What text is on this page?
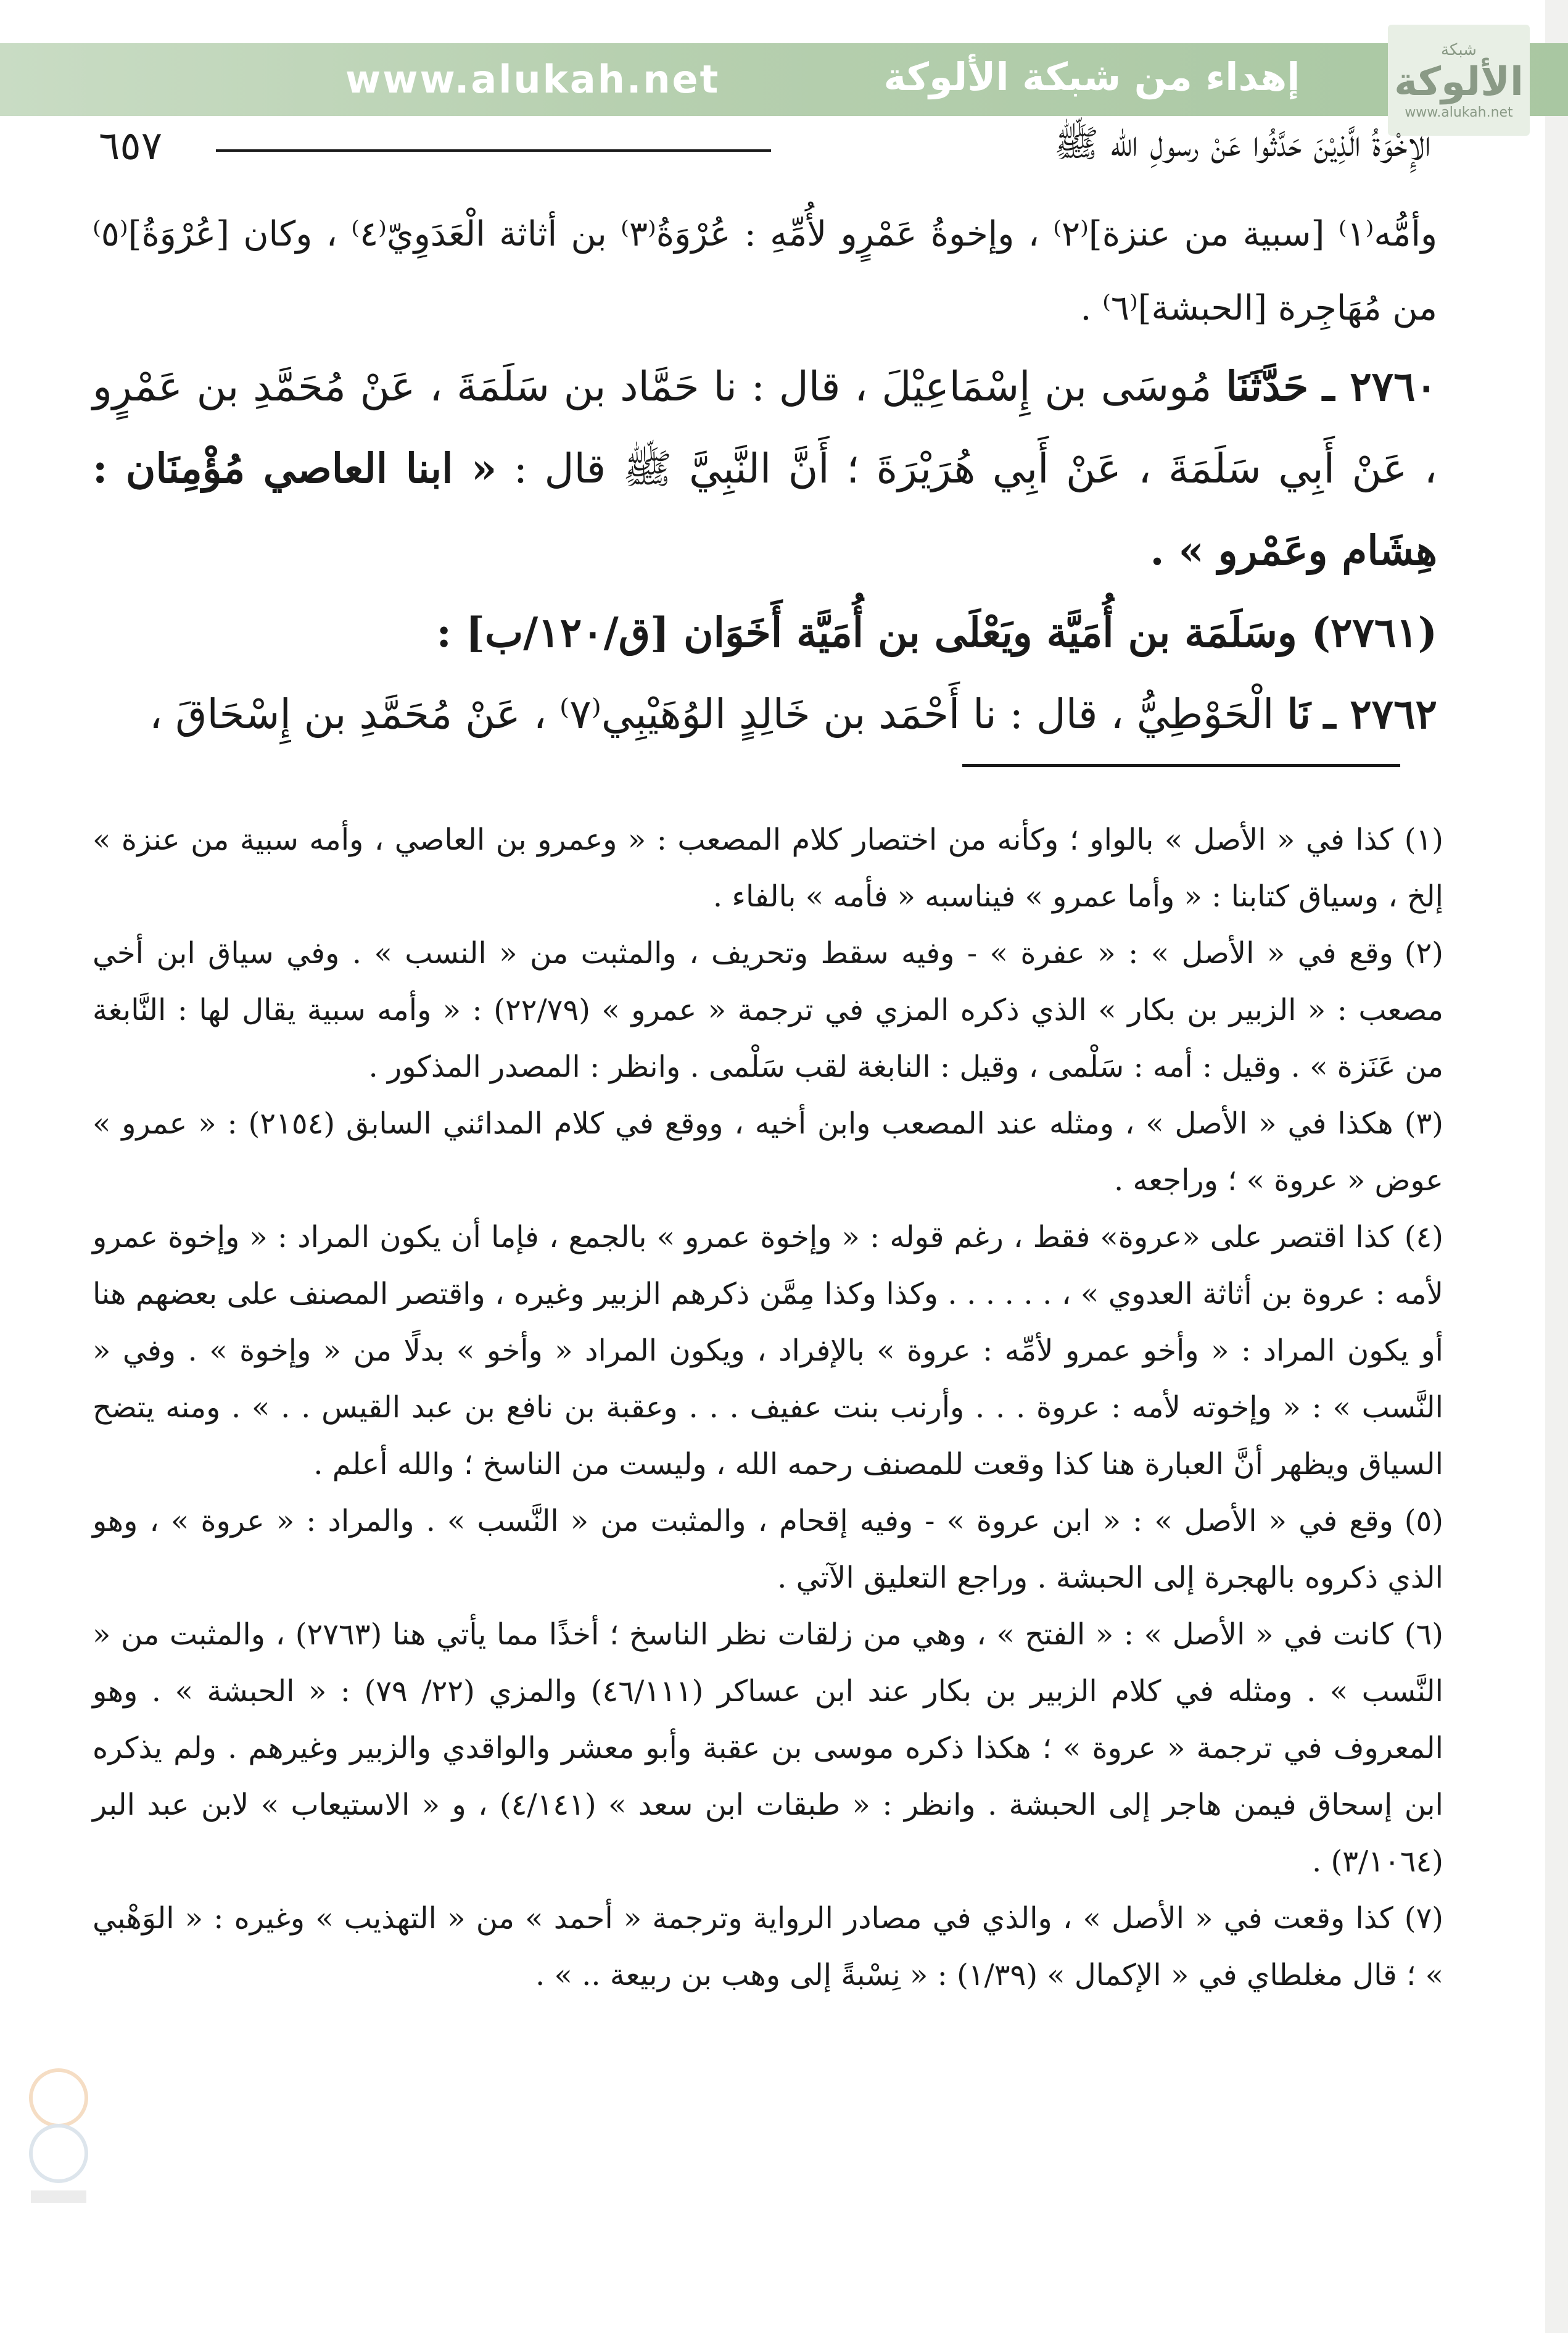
www.alukah.net	إهداء من شبكة الألوكة
شبكة
الألوكة
www.alukah.net
٦٥٧	الإِخْوَةُ الَّذِيْنَ حَدَّثُوا عَنْ رسولِ الله ﷺ

وأمُّه⁽١⁾ [سبية من عنزة]⁽٢⁾ ، وإخوةُ عَمْرٍو لأُمِّهِ : عُرْوَةُ⁽٣⁾ بن أثاثة الْعَدَوِيّ⁽٤⁾ ، وكان [عُرْوَةُ]⁽٥⁾ من مُهَاجِرة [الحبشة]⁽٦⁾ .

٢٧٦٠ ـ حَدَّثَنَا مُوسَى بن إِسْمَاعِيْلَ ، قال : نا حَمَّاد بن سَلَمَةَ ، عَنْ مُحَمَّدِ بن عَمْرٍو ، عَنْ أَبِي سَلَمَةَ ، عَنْ أَبِي هُرَيْرَةَ ؛ أَنَّ النَّبِيَّ ﷺ قال : « ابنا العاصي مُؤْمِنَان : هِشَام وعَمْرو » .

(٢٧٦١) وسَلَمَة بن أُمَيَّة ويَعْلَى بن أُمَيَّة أَخَوَان [ق/١٢٠/ب] :

٢٧٦٢ ـ نَا الْحَوْطِيُّ ، قال : نا أَحْمَد بن خَالِدٍ الوُهَيْبِي⁽٧⁾ ، عَنْ مُحَمَّدِ بن إِسْحَاقَ ،

(١)كذا في « الأصل » بالواو ؛ وكأنه من اختصار كلام المصعب : « وعمرو بن العاصي ، وأمه سبية من عنزة » إلخ ، وسياق كتابنا : « وأما عمرو » فيناسبه « فأمه » بالفاء .

(٢)وقع في « الأصل » : « عفرة » - وفيه سقط وتحريف ، والمثبت من « النسب » . وفي سياق ابن أخي مصعب : « الزبير بن بكار » الذي ذكره المزي في ترجمة « عمرو » (٢٢/٧٩) : « وأمه سبية يقال لها : النَّابغة من عَنَزة » . وقيل : أمه : سَلْمى ، وقيل : النابغة لقب سَلْمى . وانظر : المصدر المذكور .

(٣)هكذا في « الأصل » ، ومثله عند المصعب وابن أخيه ، ووقع في كلام المدائني السابق (٢١٥٤) : « عمرو » عوض « عروة » ؛ وراجعه .

(٤)كذا اقتصر على «عروة» فقط ، رغم قوله : « وإخوة عمرو » بالجمع ، فإما أن يكون المراد : « وإخوة عمرو لأمه : عروة بن أثاثة العدوي » ، . . . . . . وكذا وكذا مِمَّن ذكرهم الزبير وغيره ، واقتصر المصنف على بعضهم هنا أو يكون المراد : « وأخو عمرو لأمِّه : عروة » بالإفراد ، ويكون المراد « وأخو » بدلًا من « وإخوة » . وفي « النَّسب » : « وإخوته لأمه : عروة . . . وأرنب بنت عفيف . . . وعقبة بن نافع بن عبد القيس . . » . ومنه يتضح السياق ويظهر أنَّ العبارة هنا كذا وقعت للمصنف رحمه الله ، وليست من الناسخ ؛ والله أعلم .

(٥)وقع في « الأصل » : « ابن عروة » - وفيه إقحام ، والمثبت من « النَّسب » . والمراد : « عروة » ، وهو الذي ذكروه بالهجرة إلى الحبشة . وراجع التعليق الآتي .

(٦)كانت في « الأصل » : « الفتح » ، وهي من زلقات نظر الناسخ ؛ أخذًا مما يأتي هنا (٢٧٦٣) ، والمثبت من « النَّسب » . ومثله في كلام الزبير بن بكار عند ابن عساكر (٤٦/١١١) والمزي (٢٢/ ٧٩) : « الحبشة » . وهو المعروف في ترجمة « عروة » ؛ هكذا ذكره موسى بن عقبة وأبو معشر والواقدي والزبير وغيرهم . ولم يذكره ابن إسحاق فيمن هاجر إلى الحبشة . وانظر : « طبقات ابن سعد » (٤/١٤١) ، و « الاستيعاب » لابن عبد البر (٣/١٠٦٤) .

(٧)كذا وقعت في « الأصل » ، والذي في مصادر الرواية وترجمة « أحمد » من « التهذيب » وغيره : « الوَهْبي » ؛ قال مغلطاي في « الإكمال » (١/٣٩) : « نِسْبةً إلى وهب بن ربيعة .. » .
